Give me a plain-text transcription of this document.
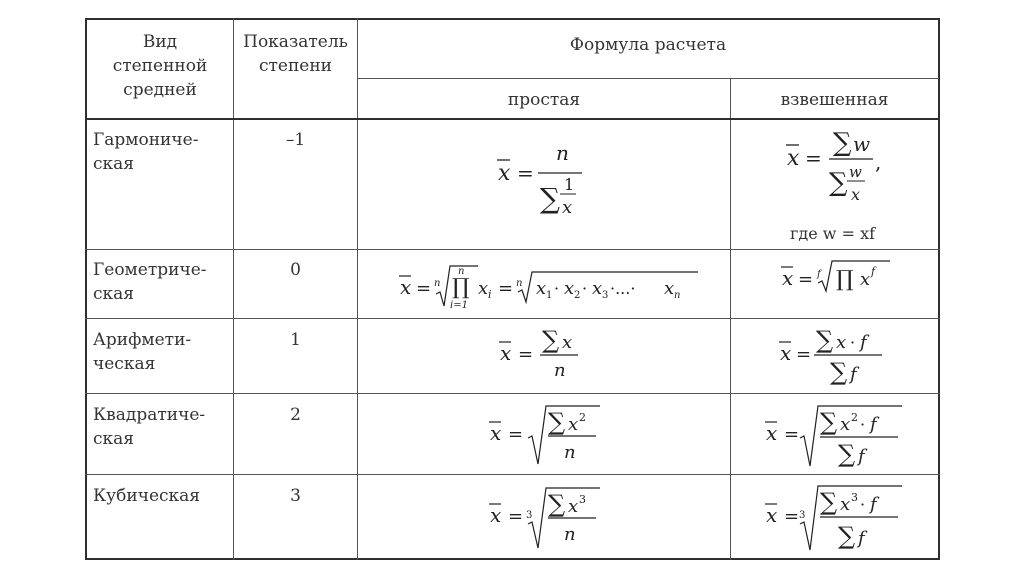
Вид
степенной
средней
Показатель
степени
Формула расчета
простая	взвешенная
Гармониче-
ская
–1
x =
n
∑ 1
x
x = ∑ w
∑ w
x
,
где w = xf
Геометриче-
ская
0
x = n
n
∏
i=1
x i = n x 1 · x 2 · x 3 ·...· x n
x = f ∏ x f
Арифмети-
ческая
1
x =
∑ x
n
x =
∑ x · f
∑ f
Квадратиче-
ская
2
x = ∑ x 2
n
x = ∑ x 2 · f
∑ f
Кубическая	3
x = 3 ∑ x 3
n
x = 3 ∑ x 3 · f
∑ f
